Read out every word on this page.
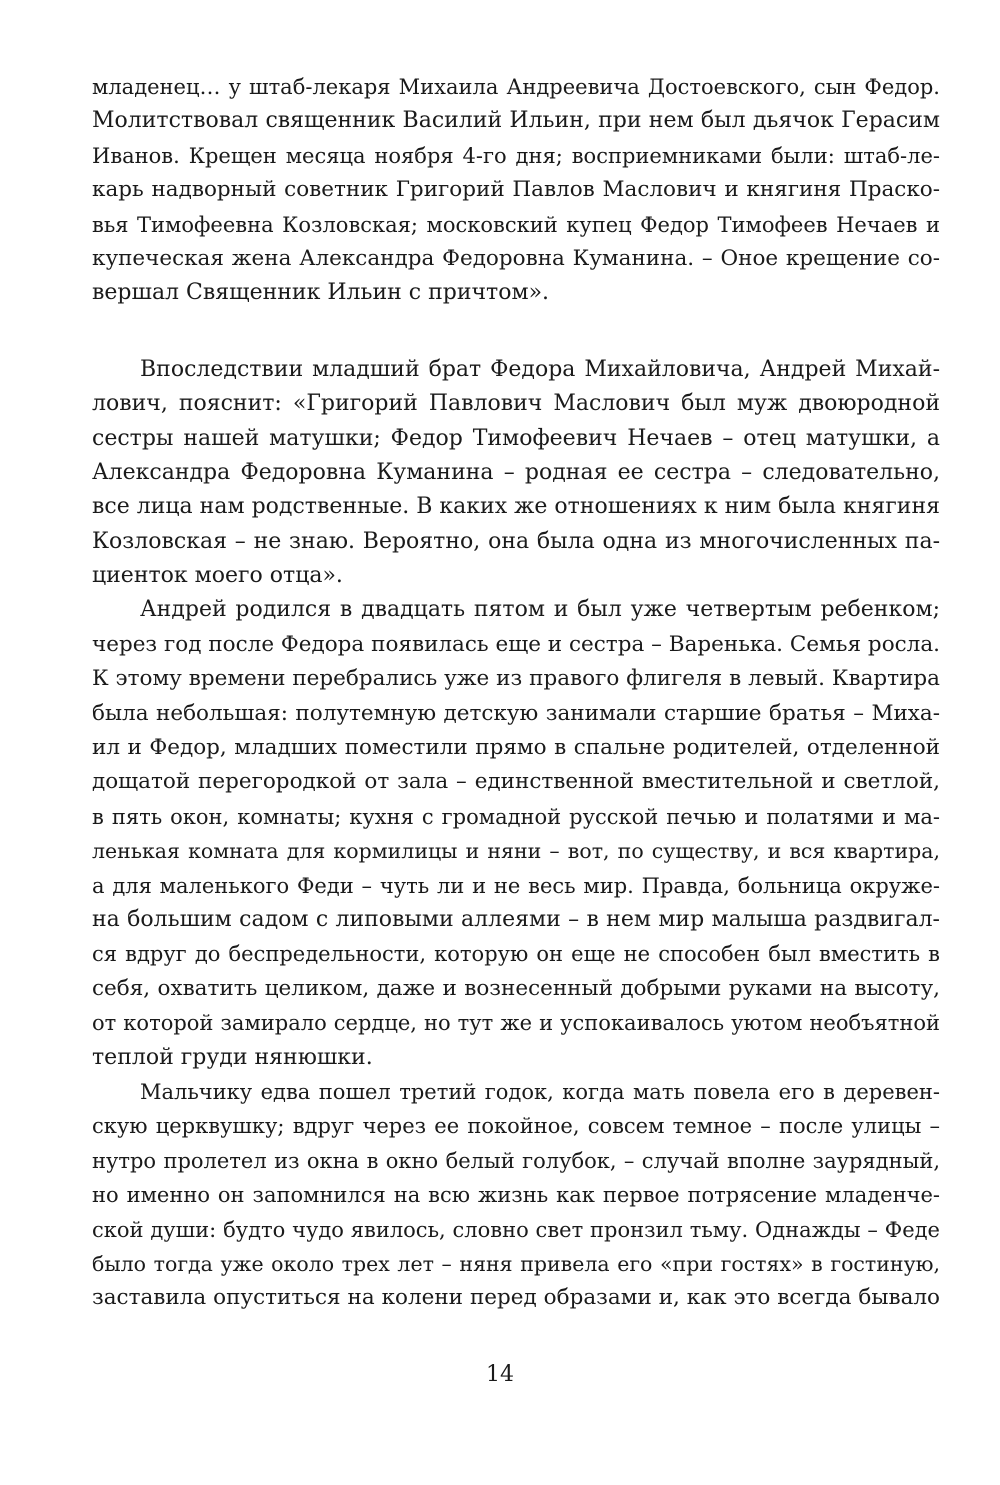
младенец… у штаб-лекаря Михаила Андреевича Достоевского, сын Федор.
Молитствовал священник Василий Ильин, при нем был дьячок Герасим
Иванов. Крещен месяца ноября 4-го дня; восприемниками были: штаб-ле-
карь надворный советник Григорий Павлов Маслович и княгиня Праско-
вья Тимофеевна Козловская; московский купец Федор Тимофеев Нечаев и
купеческая жена Александра Федоровна Куманина. – Оное крещение со-
вершал Священник Ильин с причтом».
Впоследствии младший брат Федора Михайловича, Андрей Михай-
лович, пояснит: «Григорий Павлович Маслович был муж двоюродной
сестры нашей матушки; Федор Тимофеевич Нечаев – отец матушки, а
Александра Федоровна Куманина – родная ее сестра – следовательно,
все лица нам родственные. В каких же отношениях к ним была княгиня
Козловская – не знаю. Вероятно, она была одна из многочисленных па-
циенток моего отца».
Андрей родился в двадцать пятом и был уже четвертым ребенком;
через год после Федора появилась еще и сестра – Варенька. Семья росла.
К этому времени перебрались уже из правого флигеля в левый. Квартира
была небольшая: полутемную детскую занимали старшие братья – Миха-
ил и Федор, младших поместили прямо в спальне родителей, отделенной
дощатой перегородкой от зала – единственной вместительной и светлой,
в пять окон, комнаты; кухня с громадной русской печью и полатями и ма-
ленькая комната для кормилицы и няни – вот, по существу, и вся квартира,
а для маленького Феди – чуть ли и не весь мир. Правда, больница окруже-
на большим садом с липовыми аллеями – в нем мир малыша раздвигал-
ся вдруг до беспредельности, которую он еще не способен был вместить в
себя, охватить целиком, даже и вознесенный добрыми руками на высоту,
от которой замирало сердце, но тут же и успокаивалось уютом необъятной
теплой груди нянюшки.
Мальчику едва пошел третий годок, когда мать повела его в деревен-
скую церквушку; вдруг через ее покойное, совсем темное – после улицы –
нутро пролетел из окна в окно белый голубок, – случай вполне заурядный,
но именно он запомнился на всю жизнь как первое потрясение младенче-
ской души: будто чудо явилось, словно свет пронзил тьму. Однажды – Феде
было тогда уже около трех лет – няня привела его «при гостях» в гостиную,
заставила опуститься на колени перед образами и, как это всегда бывало
14
